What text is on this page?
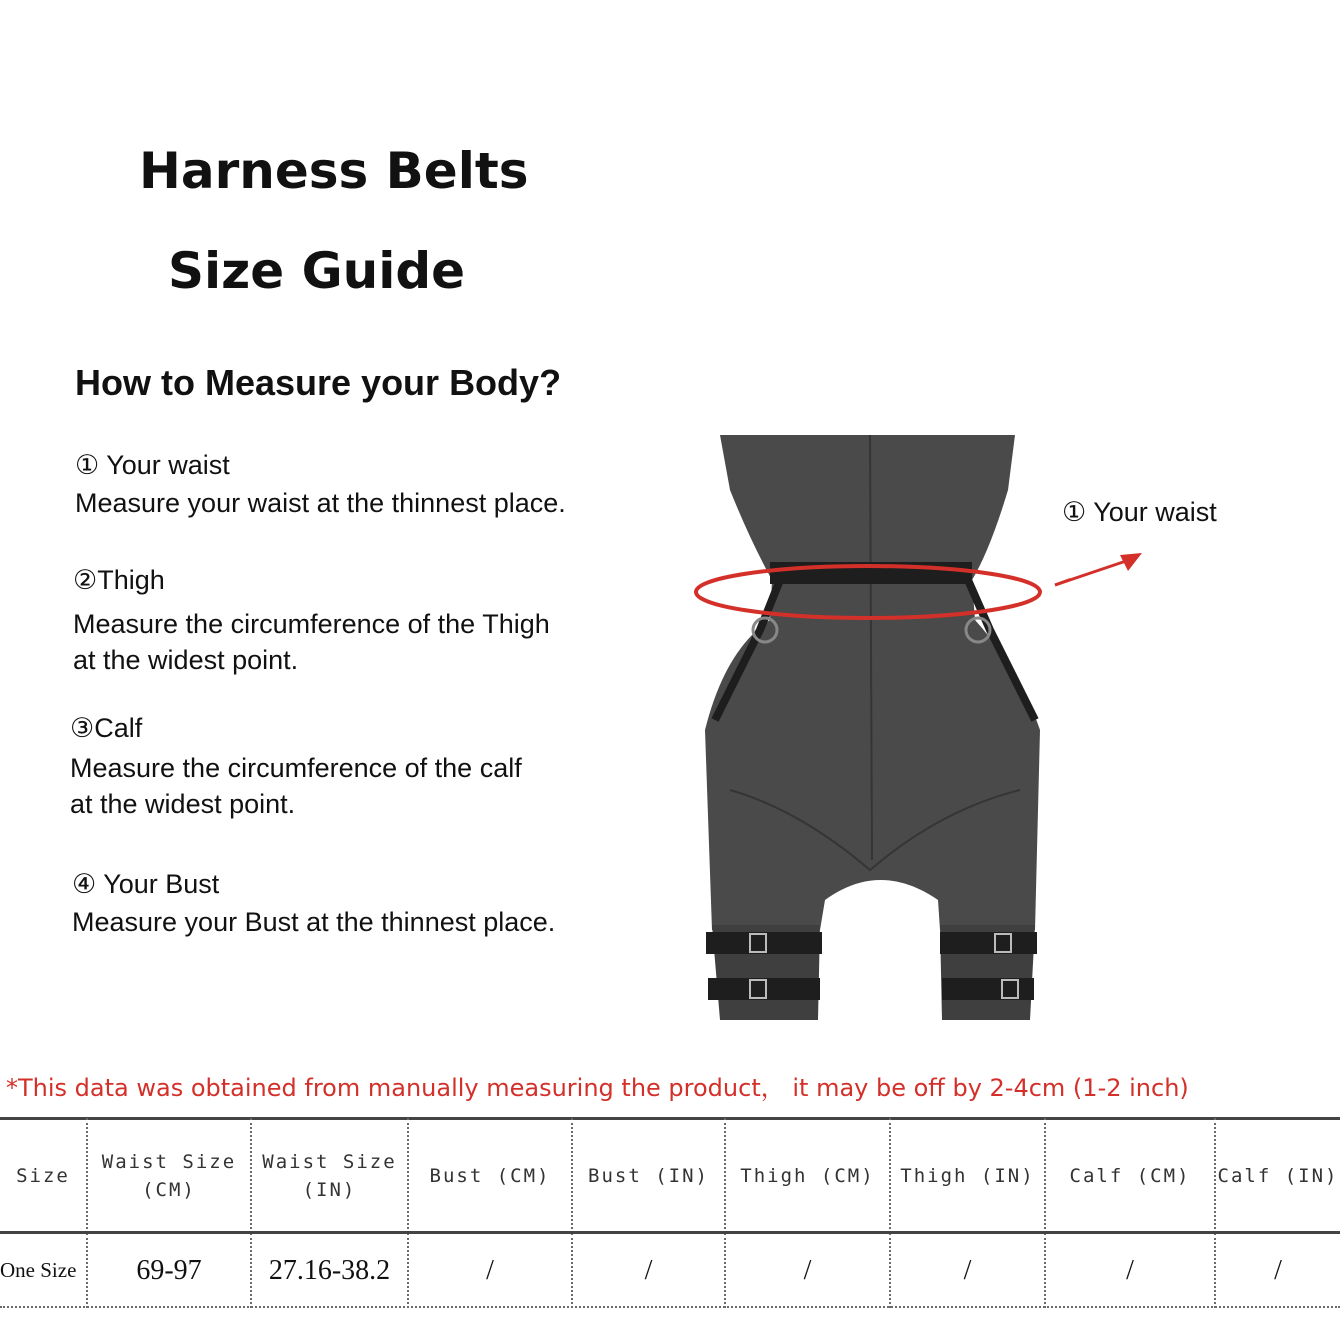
Harness Belts
Size Guide
How to Measure your Body?
① Your waist
Measure your waist at the thinnest place.
②Thigh
Measure the circumference of the Thigh
at the widest point.
③Calf
Measure the circumference of the calf
at the widest point.
④ Your Bust
Measure your Bust at the thinnest place.
① Your waist
*This data was obtained from manually measuring the product， it may be off by 2-4cm (1-2 inch)
Size	Waist Size (CM)	Waist Size (IN)	Bust (CM)	Bust (IN)	Thigh (CM)	Thigh (IN)	Calf (CM)	Calf (IN)
One Size	69-97	27.16-38.2	/	/	/	/	/	/
